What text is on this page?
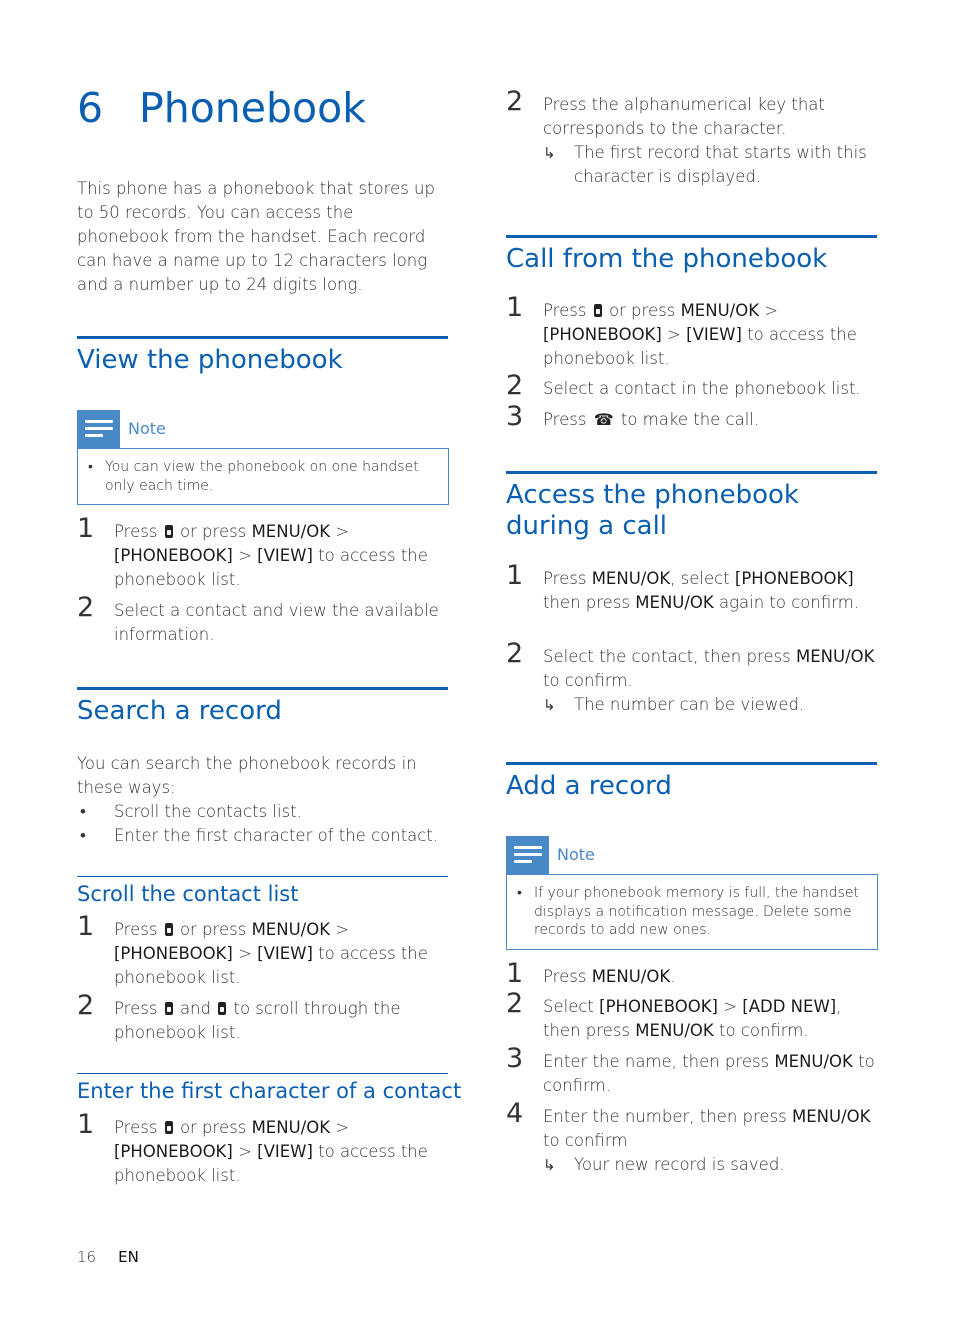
6 Phonebook

This phone has a phonebook that stores up to 50 records. You can access the phonebook from the handset. Each record can have a name up to 12 characters long and a number up to 24 digits long.

View the phonebook
Note
• You can view the phonebook on one handset only each time.
1 Press or press MENU/OK > [PHONEBOOK] > [VIEW] to access the phonebook list.
2 Select a contact and view the available information.
Search a record

You can search the phonebook records in these ways:

• Scroll the contacts list.
• Enter the first character of the contact.
Scroll the contact list
1 Press or press MENU/OK > [PHONEBOOK] > [VIEW] to access the phonebook list.
2 Press and to scroll through the phonebook list.
Enter the first character of a contact
1 Press or press MENU/OK > [PHONEBOOK] > [VIEW] to access the phonebook list.
2 Press the alphanumerical key that corresponds to the character.
↳ The first record that starts with this character is displayed.
Call from the phonebook
1 Press or press MENU/OK > [PHONEBOOK] > [VIEW] to access the phonebook list.
2 Select a contact in the phonebook list.
3 Press ☎ to make the call.
Access the phonebook during a call
1 Press MENU/OK, select [PHONEBOOK] then press MENU/OK again to confirm.
2 Select the contact, then press MENU/OK to confirm.
↳ The number can be viewed.
Add a record
Note
• If your phonebook memory is full, the handset displays a notification message. Delete some records to add new ones.
1 Press MENU/OK.
2 Select [PHONEBOOK] > [ADD NEW], then press MENU/OK to confirm.
3 Enter the name, then press MENU/OK to confirm.
4 Enter the number, then press MENU/OK to confirm
↳ Your new record is saved.
16 EN
